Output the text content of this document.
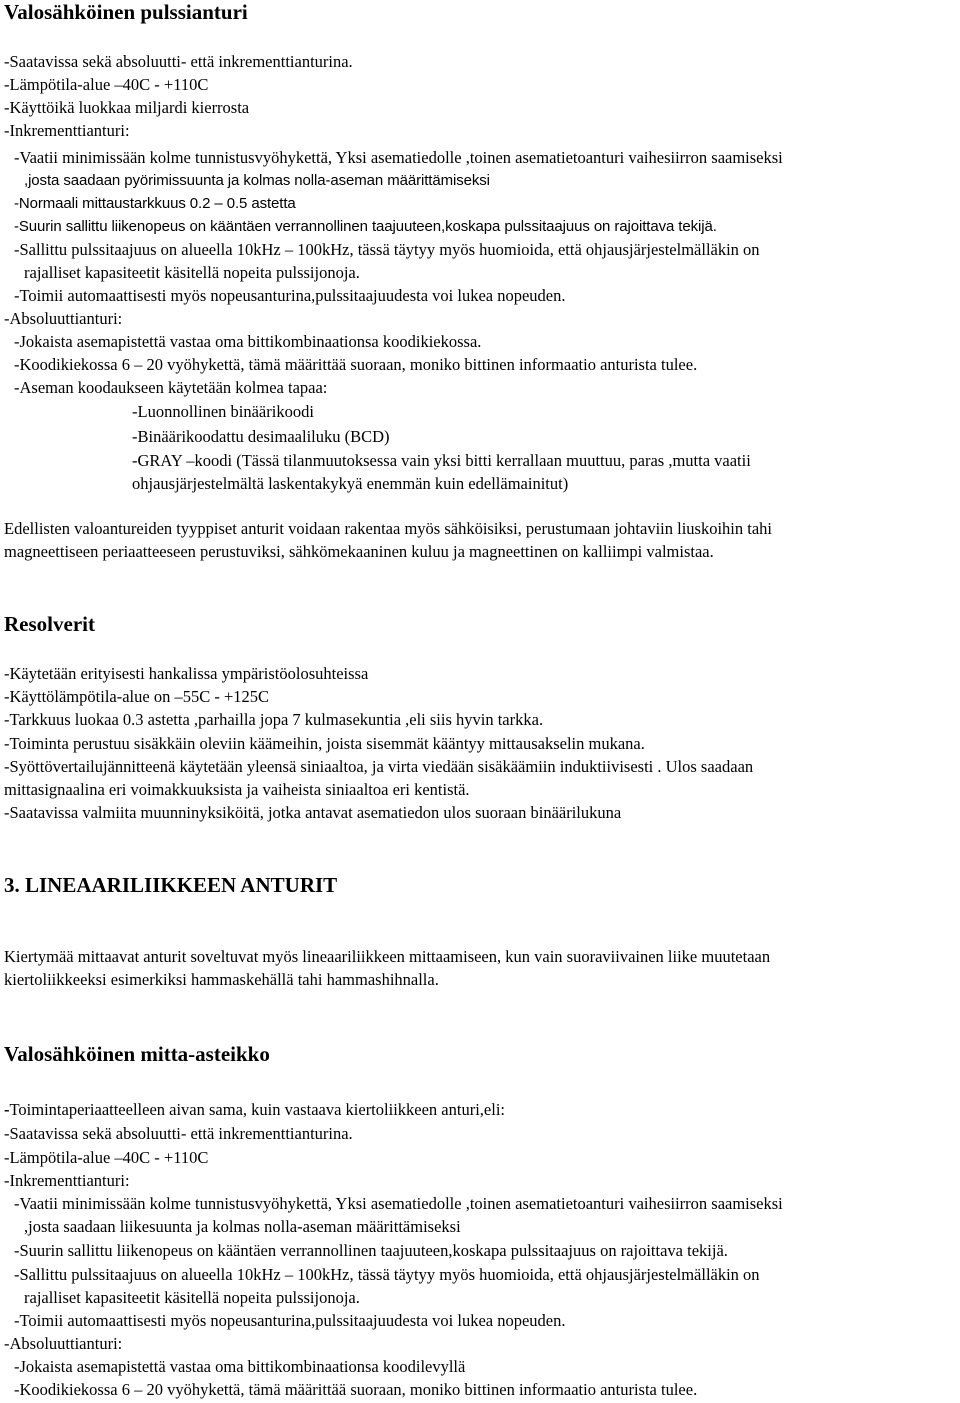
Valosähköinen pulssianturi
-Saatavissa sekä absoluutti- että inkrementtianturina.
-Lämpötila-alue –40C - +110C
-Käyttöikä luokkaa miljardi kierrosta
-Inkrementtianturi:
-Vaatii minimissään kolme tunnistusvyöhykettä, Yksi asematiedolle ,toinen asematietoanturi vaihesiirron saamiseksi
,josta saadaan pyörimissuunta ja kolmas nolla-aseman määrittämiseksi
-Normaali mittaustarkkuus 0.2 – 0.5 astetta
-Suurin sallittu liikenopeus on kääntäen verrannollinen taajuuteen,koskapa pulssitaajuus on rajoittava tekijä.
-Sallittu pulssitaajuus on alueella 10kHz – 100kHz, tässä täytyy myös huomioida, että ohjausjärjestelmälläkin on
rajalliset kapasiteetit käsitellä nopeita pulssijonoja.
-Toimii automaattisesti myös nopeusanturina,pulssitaajuudesta voi lukea nopeuden.
-Absoluuttianturi:
-Jokaista asemapistettä vastaa oma bittikombinaationsa koodikiekossa.
-Koodikiekossa 6 – 20 vyöhykettä, tämä määrittää suoraan, moniko bittinen informaatio anturista tulee.
-Aseman koodaukseen käytetään kolmea tapaa:
-Luonnollinen binäärikoodi
-Binäärikoodattu desimaaliluku (BCD)
-GRAY –koodi (Tässä tilanmuutoksessa vain yksi bitti kerrallaan muuttuu, paras ,mutta vaatii
ohjausjärjestelmältä laskentakykyä enemmän kuin edellämainitut)
Edellisten valoantureiden tyyppiset anturit voidaan rakentaa myös sähköisiksi, perustumaan johtaviin liuskoihin tahi
magneettiseen periaatteeseen perustuviksi, sähkömekaaninen kuluu ja magneettinen on kalliimpi valmistaa.
Resolverit
-Käytetään erityisesti hankalissa ympäristöolosuhteissa
-Käyttölämpötila-alue on –55C - +125C
-Tarkkuus luokaa 0.3 astetta ,parhailla jopa 7 kulmasekuntia ,eli siis hyvin tarkka.
-Toiminta perustuu sisäkkäin oleviin käämeihin, joista sisemmät kääntyy mittausakselin mukana.
-Syöttövertailujännitteenä käytetään yleensä siniaaltoa, ja virta viedään sisäkäämiin induktiivisesti . Ulos saadaan
mittasignaalina eri voimakkuuksista ja vaiheista siniaaltoa eri kentistä.
-Saatavissa valmiita muunninyksiköitä, jotka antavat asematiedon ulos suoraan binäärilukuna
3. LINEAARILIIKKEEN ANTURIT
Kiertymää mittaavat anturit soveltuvat myös lineaariliikkeen mittaamiseen, kun vain suoraviivainen liike muutetaan
kiertoliikkeeksi esimerkiksi hammaskehällä tahi hammashihnalla.
Valosähköinen mitta-asteikko
-Toimintaperiaatteelleen aivan sama, kuin vastaava kiertoliikkeen anturi,eli:
-Saatavissa sekä absoluutti- että inkrementtianturina.
-Lämpötila-alue –40C - +110C
-Inkrementtianturi:
-Vaatii minimissään kolme tunnistusvyöhykettä, Yksi asematiedolle ,toinen asematietoanturi vaihesiirron saamiseksi
,josta saadaan liikesuunta ja kolmas nolla-aseman määrittämiseksi
-Suurin sallittu liikenopeus on kääntäen verrannollinen taajuuteen,koskapa pulssitaajuus on rajoittava tekijä.
-Sallittu pulssitaajuus on alueella 10kHz – 100kHz, tässä täytyy myös huomioida, että ohjausjärjestelmälläkin on
rajalliset kapasiteetit käsitellä nopeita pulssijonoja.
-Toimii automaattisesti myös nopeusanturina,pulssitaajuudesta voi lukea nopeuden.
-Absoluuttianturi:
-Jokaista asemapistettä vastaa oma bittikombinaationsa koodilevyllä
-Koodikiekossa 6 – 20 vyöhykettä, tämä määrittää suoraan, moniko bittinen informaatio anturista tulee.
